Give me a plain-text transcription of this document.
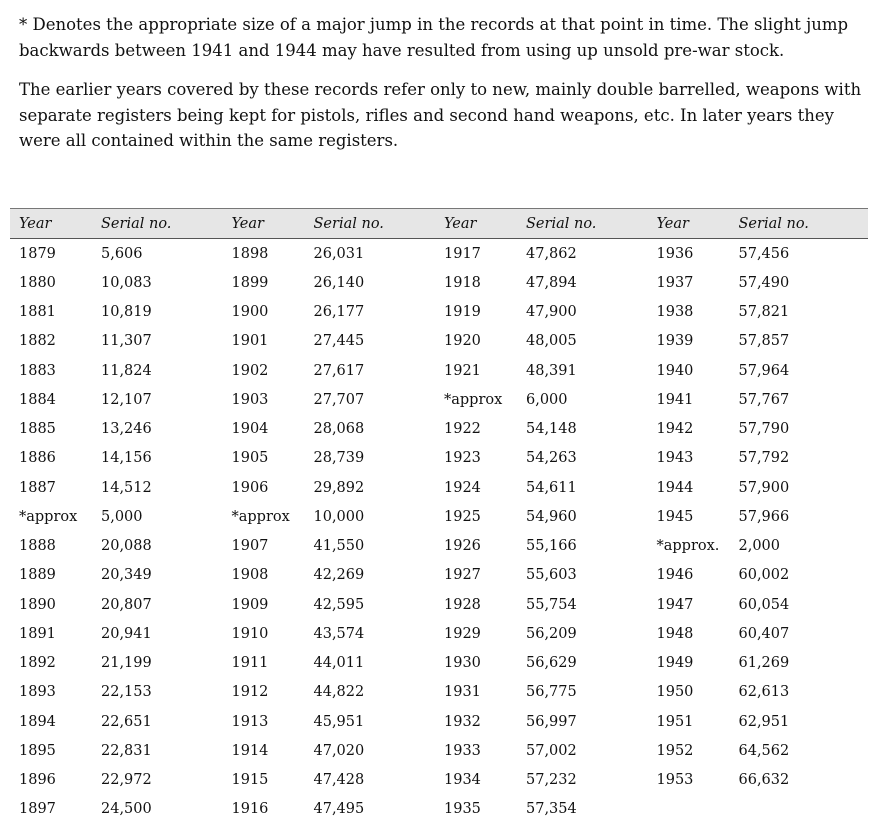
* Denotes the appropriate size of a major jump in the records at that point in time. The slight jump backwards between 1941 and 1944 may have resulted from using up unsold pre-war stock.

The earlier years covered by these records refer only to new, mainly double barrelled, weapons with separate registers being kept for pistols, rifles and second hand weapons, etc. In later years they were all contained within the same registers.

Year	Serial no.	Year	Serial no.	Year	Serial no.	Year	Serial no.
1879	5,606	1898	26,031	1917	47,862	1936	57,456
1880	10,083	1899	26,140	1918	47,894	1937	57,490
1881	10,819	1900	26,177	1919	47,900	1938	57,821
1882	11,307	1901	27,445	1920	48,005	1939	57,857
1883	11,824	1902	27,617	1921	48,391	1940	57,964
1884	12,107	1903	27,707	*approx	6,000	1941	57,767
1885	13,246	1904	28,068	1922	54,148	1942	57,790
1886	14,156	1905	28,739	1923	54,263	1943	57,792
1887	14,512	1906	29,892	1924	54,611	1944	57,900
*approx	5,000	*approx	10,000	1925	54,960	1945	57,966
1888	20,088	1907	41,550	1926	55,166	*approx.	2,000
1889	20,349	1908	42,269	1927	55,603	1946	60,002
1890	20,807	1909	42,595	1928	55,754	1947	60,054
1891	20,941	1910	43,574	1929	56,209	1948	60,407
1892	21,199	1911	44,011	1930	56,629	1949	61,269
1893	22,153	1912	44,822	1931	56,775	1950	62,613
1894	22,651	1913	45,951	1932	56,997	1951	62,951
1895	22,831	1914	47,020	1933	57,002	1952	64,562
1896	22,972	1915	47,428	1934	57,232	1953	66,632
1897	24,500	1916	47,495	1935	57,354		
